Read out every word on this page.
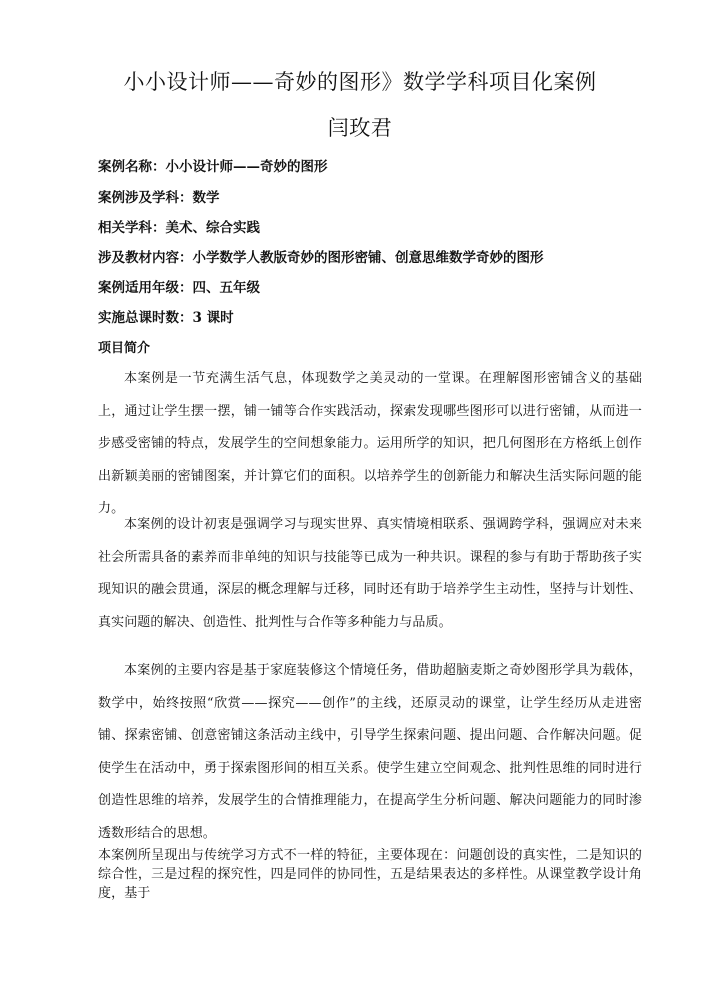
小小设计师——奇妙的图形》数学学科项目化案例
闫玫君

案例名称：小小设计师——奇妙的图形

案例涉及学科：数学

相关学科：美术、综合实践

涉及教材内容：小学数学人教版奇妙的图形密铺、创意思维数学奇妙的图形

案例适用年级：四、五年级

实施总课时数：3 课时

项目简介

本案例是一节充满生活气息，体现数学之美灵动的一堂课。在理解图形密铺含义的基础上，通过让学生摆一摆，铺一铺等合作实践活动，探索发现哪些图形可以进行密铺，从而进一步感受密铺的特点，发展学生的空间想象能力。运用所学的知识，把几何图形在方格纸上创作出新颖美丽的密铺图案，并计算它们的面积。以培养学生的创新能力和解决生活实际问题的能力。

本案例的设计初衷是强调学习与现实世界、真实情境相联系、强调跨学科，强调应对未来社会所需具备的素养而非单纯的知识与技能等已成为一种共识。课程的参与有助于帮助孩子实现知识的融会贯通，深层的概念理解与迁移，同时还有助于培养学生主动性，坚持与计划性、真实问题的解决、创造性、批判性与合作等多种能力与品质。

本案例的主要内容是基于家庭装修这个情境任务，借助超脑麦斯之奇妙图形学具为载体，数学中，始终按照“欣赏——探究——创作”的主线，还原灵动的课堂，让学生经历从走进密铺、探索密铺、创意密铺这条活动主线中，引导学生探索问题、提出问题、合作解决问题。促使学生在活动中，勇于探索图形间的相互关系。使学生建立空间观念、批判性思维的同时进行创造性思维的培养，发展学生的合情推理能力，在提高学生分析问题、解决问题能力的同时渗透数形结合的思想。

本案例所呈现出与传统学习方式不一样的特征，主要体现在：问题创设的真实性，二是知识的综合性，三是过程的探究性，四是同伴的协同性，五是结果表达的多样性。从课堂教学设计角度，基于
